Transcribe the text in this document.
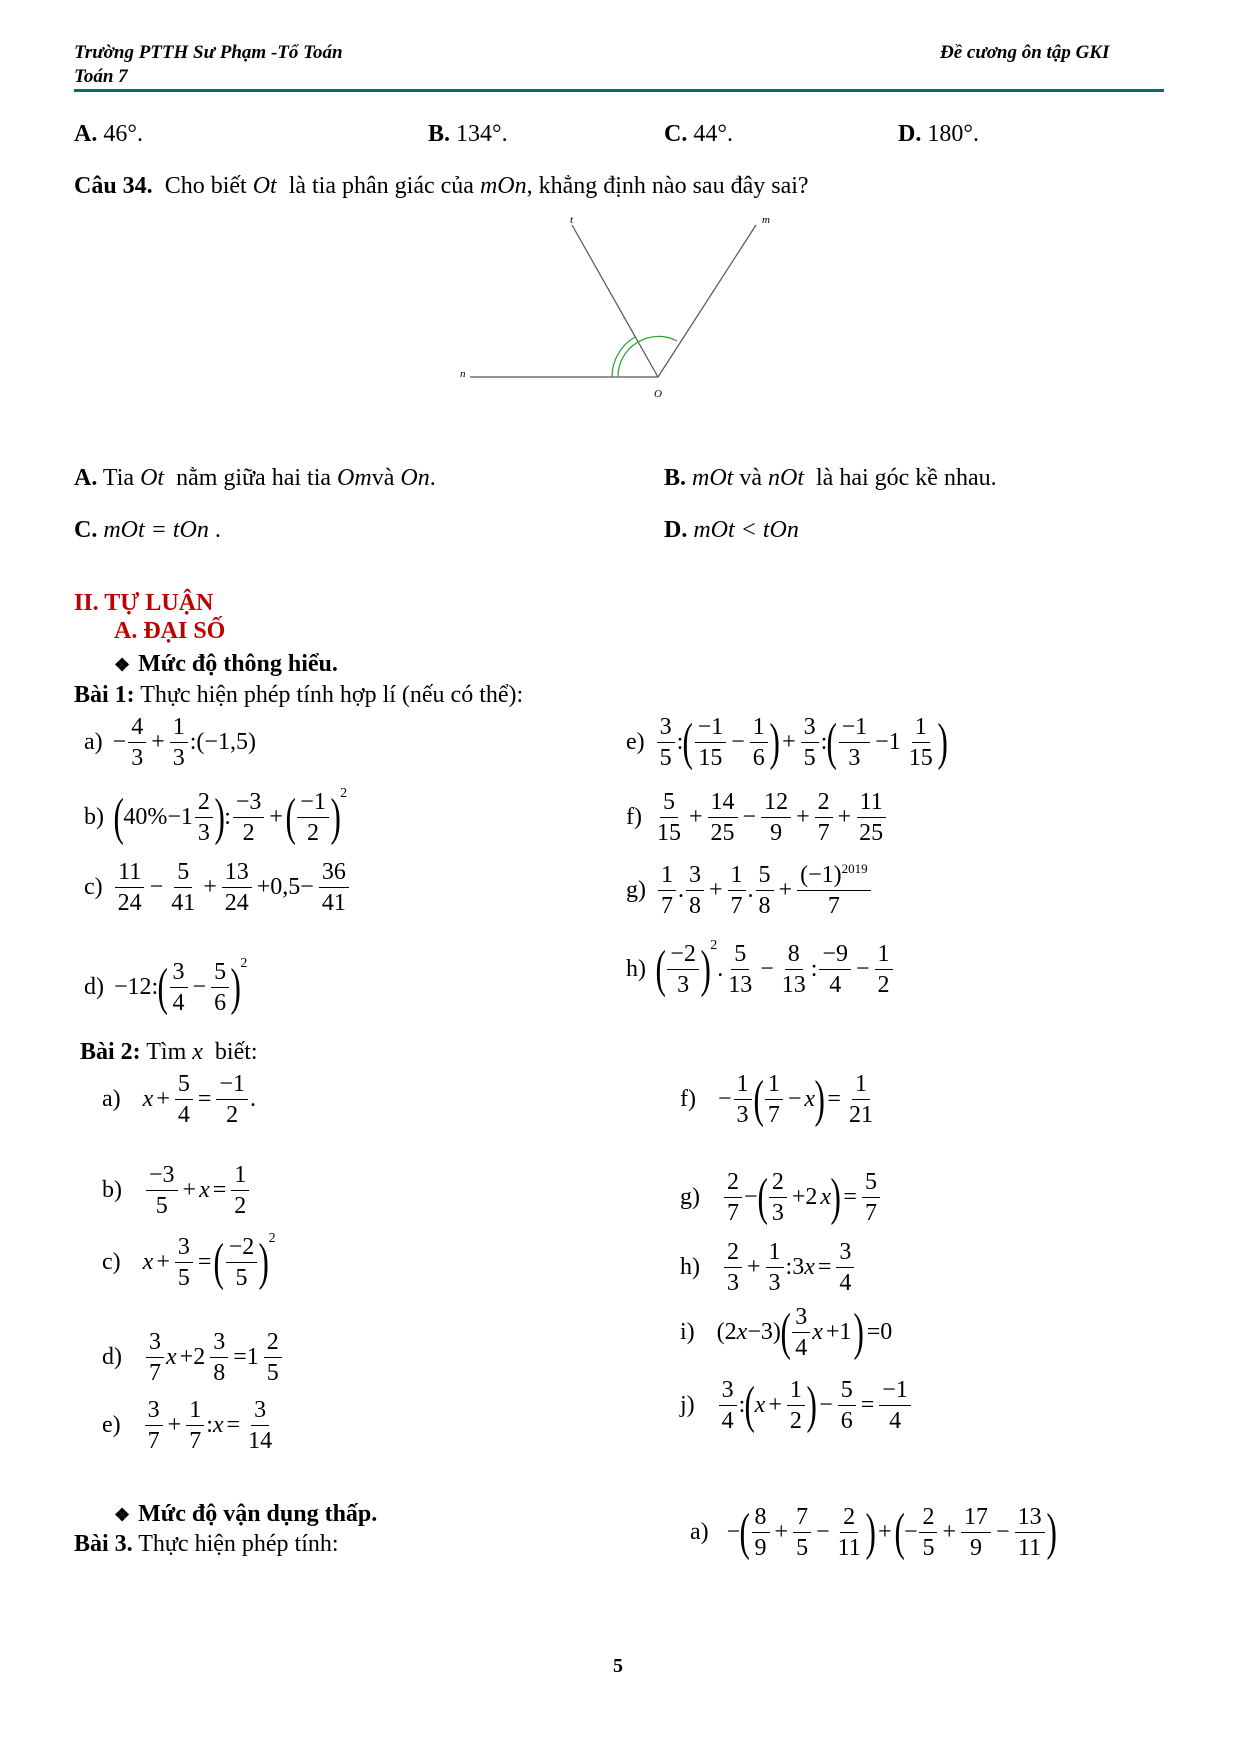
Trường PTTH Sư Phạm -Tổ Toán
Toán 7
Đề cương ôn tập GKI
A. 46°.	B. 134°.	C. 44°.	D. 180°.
Câu 34. Cho biết Ot là tia phân giác của mOn, khẳng định nào sau đây sai?
t	m
n
O
A. Tia Ot nằm giữa hai tia Omvà On.	B. mOt và nOt là hai góc kề nhau.
C. mOt = tOn .	D. mOt < tOn
II. TỰ LUẬN
A. ĐẠI SỐ
❖ Mức độ thông hiểu.
Bài 1: Thực hiện phép tính hợp lí (nếu có thể):
$a) - \frac{4}{3} + \frac{1}{3}$ :(−1,5)
b) ( $40\%-1 \frac{2}{3}$ ) : $\frac{-3}{2}$ + ( $\frac{-1}{2}$ ) 2
$c) \frac{11}{24} - \frac{5}{41} + \frac{13}{24} +0,5- \frac{36}{41}$
d) −12: ( $\frac{3}{4} - \frac{5}{6}$ ) 2
$e) \frac{3}{5}$ : ( $\frac{-1}{15} - \frac{1}{6}$ ) + $\frac{3}{5}$ : ( $\frac{-1}{3} -1 \frac{1}{15}$ )
$f) \frac{5}{15} + \frac{14}{25} - \frac{12}{9} + \frac{2}{7} + \frac{11}{25}$
$g) \frac{1}{7}$ . $\frac{3}{8} + \frac{1}{7}$ . $\frac{5}{8} + \frac{(-1)^{2019}}{7}$
h) ( $\frac{-2}{3}$ ) 2
. $\frac{5}{13} - \frac{8}{13}$ : $\frac{-9}{4} - \frac{1}{2}$
Bài 2: Tìm x biết:
a) $x + \frac{5}{4} = \frac{-1}{2}$ .
$b) \frac{-3}{5} + x = \frac{1}{2}$
c) $x + \frac{3}{5}$ = ( $\frac{-2}{5}$ ) 2
$d) \frac{3}{7}$ $x +2 \frac{3}{8} =1 \frac{2}{5}$
$e) \frac{3}{7} + \frac{1}{7}$ : $x = \frac{3}{14}$
$f) - \frac{1}{3}$ ( $\frac{1}{7} - x$ ) = $\frac{1}{21}$
$g) \frac{2}{7}$ − ( $\frac{2}{3} +2$ x ) = $\frac{5}{7}$
$h) \frac{2}{3} + \frac{1}{3}$ :3 $x = \frac{3}{4}$
i) (2 x −3) ( $\frac{3}{4}$ x +1 ) =0
$j) \frac{3}{4}$ : ( $x + \frac{1}{2}$ ) − $\frac{5}{6} = \frac{-1}{4}$
❖ Mức độ vận dụng thấp.
Bài 3. Thực hiện phép tính:	a) − ( $\frac{8}{9} + \frac{7}{5} - \frac{2}{11}$ ) + ( − $\frac{2}{5} + \frac{17}{9} - \frac{13}{11}$ )
5
